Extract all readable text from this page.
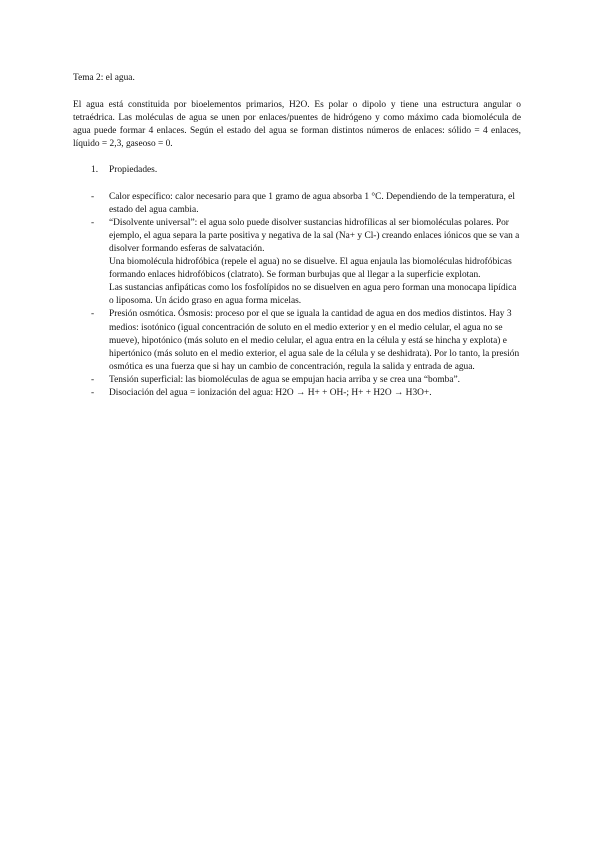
Tema 2: el agua.

El agua está constituida por bioelementos primarios, H2O. Es polar o dipolo y tiene una estructura angular o tetraédrica. Las moléculas de agua se unen por enlaces/puentes de hidrógeno y como máximo cada biomolécula de agua puede formar 4 enlaces. Según el estado del agua se forman distintos números de enlaces: sólido = 4 enlaces, líquido = 2,3, gaseoso = 0.

1.	Propiedades.
- Calor específico: calor necesario para que 1 gramo de agua absorba 1 °C. Dependiendo de la temperatura, el estado del agua cambia.

- “Disolvente universal”: el agua solo puede disolver sustancias hidrofílicas al ser biomoléculas polares. Por ejemplo, el agua separa la parte positiva y negativa de la sal (Na+ y Cl-) creando enlaces iónicos que se van a disolver formando esferas de salvatación.

Una biomolécula hidrofóbica (repele el agua) no se disuelve. El agua enjaula las biomoléculas hidrofóbicas formando enlaces hidrofóbicos (clatrato). Se forman burbujas que al llegar a la superficie explotan.

Las sustancias anfipáticas como los fosfolípidos no se disuelven en agua pero forman una monocapa lipídica o liposoma. Un ácido graso en agua forma micelas.

- Presión osmótica. Ósmosis: proceso por el que se iguala la cantidad de agua en dos medios distintos. Hay 3 medios: isotónico (igual concentración de soluto en el medio exterior y en el medio celular, el agua no se mueve), hipotónico (más soluto en el medio celular, el agua entra en la célula y está se hincha y explota) e hipertónico (más soluto en el medio exterior, el agua sale de la célula y se deshidrata). Por lo tanto, la presión osmótica es una fuerza que si hay un cambio de concentración, regula la salida y entrada de agua.

- Tensión superficial: las biomoléculas de agua se empujan hacia arriba y se crea una “bomba”.

- Disociación del agua = ionización del agua: H2O → H+ + OH-; H+ + H2O → H3O+.
